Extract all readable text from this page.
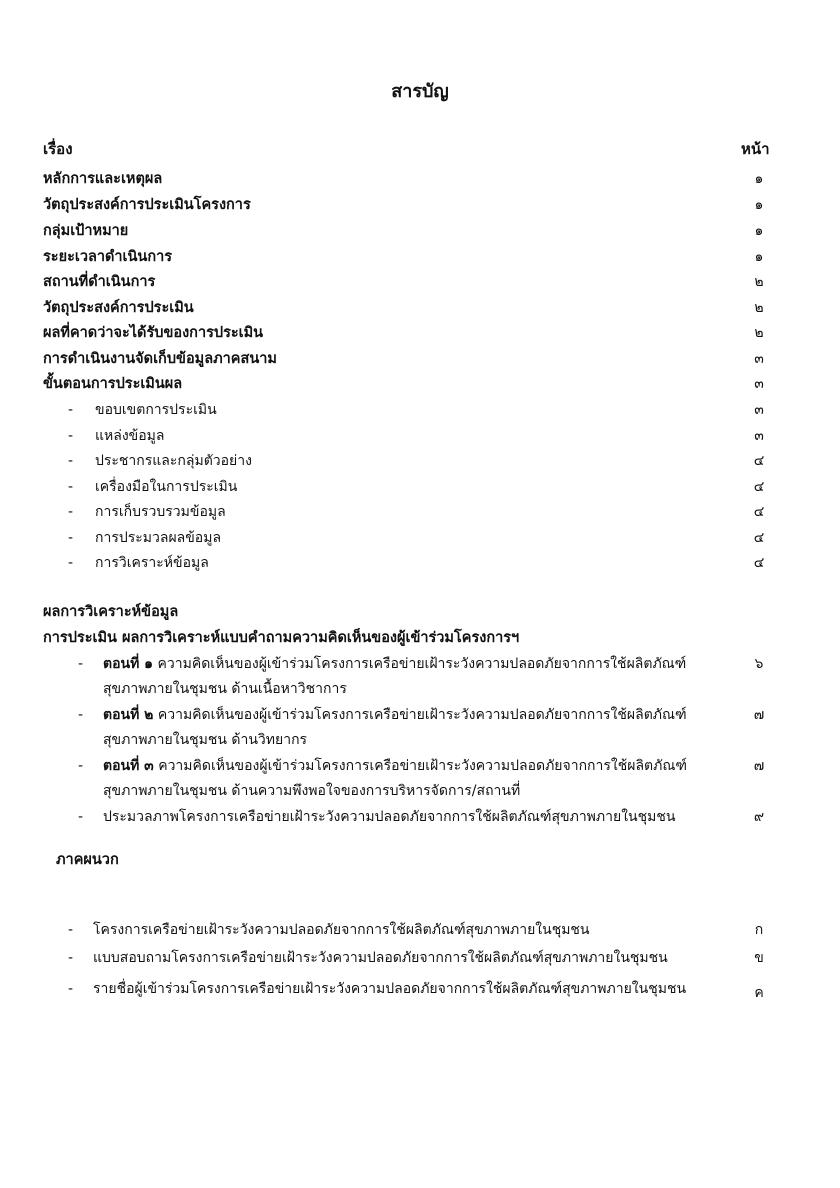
สารบัญ
เรื่อง	หน้า
หลักการและเหตุผล	๑
วัตถุประสงค์การประเมินโครงการ	๑
กลุ่มเป้าหมาย	๑
ระยะเวลาดำเนินการ	๑
สถานที่ดำเนินการ	๒
วัตถุประสงค์การประเมิน	๒
ผลที่คาดว่าจะได้รับของการประเมิน	๒
การดำเนินงานจัดเก็บข้อมูลภาคสนาม	๓
ขั้นตอนการประเมินผล	๓
- ขอบเขตการประเมิน	๓
- แหล่งข้อมูล	๓
- ประชากรและกลุ่มตัวอย่าง	๔
- เครื่องมือในการประเมิน	๔
- การเก็บรวบรวมข้อมูล	๔
- การประมวลผลข้อมูล	๔
- การวิเคราะห์ข้อมูล	๔
ผลการวิเคราะห์ข้อมูล
การประเมิน ผลการวิเคราะห์แบบคำถามความคิดเห็นของผู้เข้าร่วมโครงการฯ
- ตอนที่ ๑ ความคิดเห็นของผู้เข้าร่วมโครงการเครือข่ายเฝ้าระวังความปลอดภัยจากการใช้ผลิตภัณฑ์	๖
สุขภาพภายในชุมชน ด้านเนื้อหาวิชาการ
- ตอนที่ ๒ ความคิดเห็นของผู้เข้าร่วมโครงการเครือข่ายเฝ้าระวังความปลอดภัยจากการใช้ผลิตภัณฑ์	๗
สุขภาพภายในชุมชน ด้านวิทยากร
- ตอนที่ ๓ ความคิดเห็นของผู้เข้าร่วมโครงการเครือข่ายเฝ้าระวังความปลอดภัยจากการใช้ผลิตภัณฑ์	๗
สุขภาพภายในชุมชน ด้านความพึงพอใจของการบริหารจัดการ/สถานที่
- ประมวลภาพโครงการเครือข่ายเฝ้าระวังความปลอดภัยจากการใช้ผลิตภัณฑ์สุขภาพภายในชุมชน	๙
ภาคผนวก
- โครงการเครือข่ายเฝ้าระวังความปลอดภัยจากการใช้ผลิตภัณฑ์สุขภาพภายในชุมชน	ก
- แบบสอบถามโครงการเครือข่ายเฝ้าระวังความปลอดภัยจากการใช้ผลิตภัณฑ์สุขภาพภายในชุมชน	ข
- รายชื่อผู้เข้าร่วมโครงการเครือข่ายเฝ้าระวังความปลอดภัยจากการใช้ผลิตภัณฑ์สุขภาพภายในชุมชน	ค
